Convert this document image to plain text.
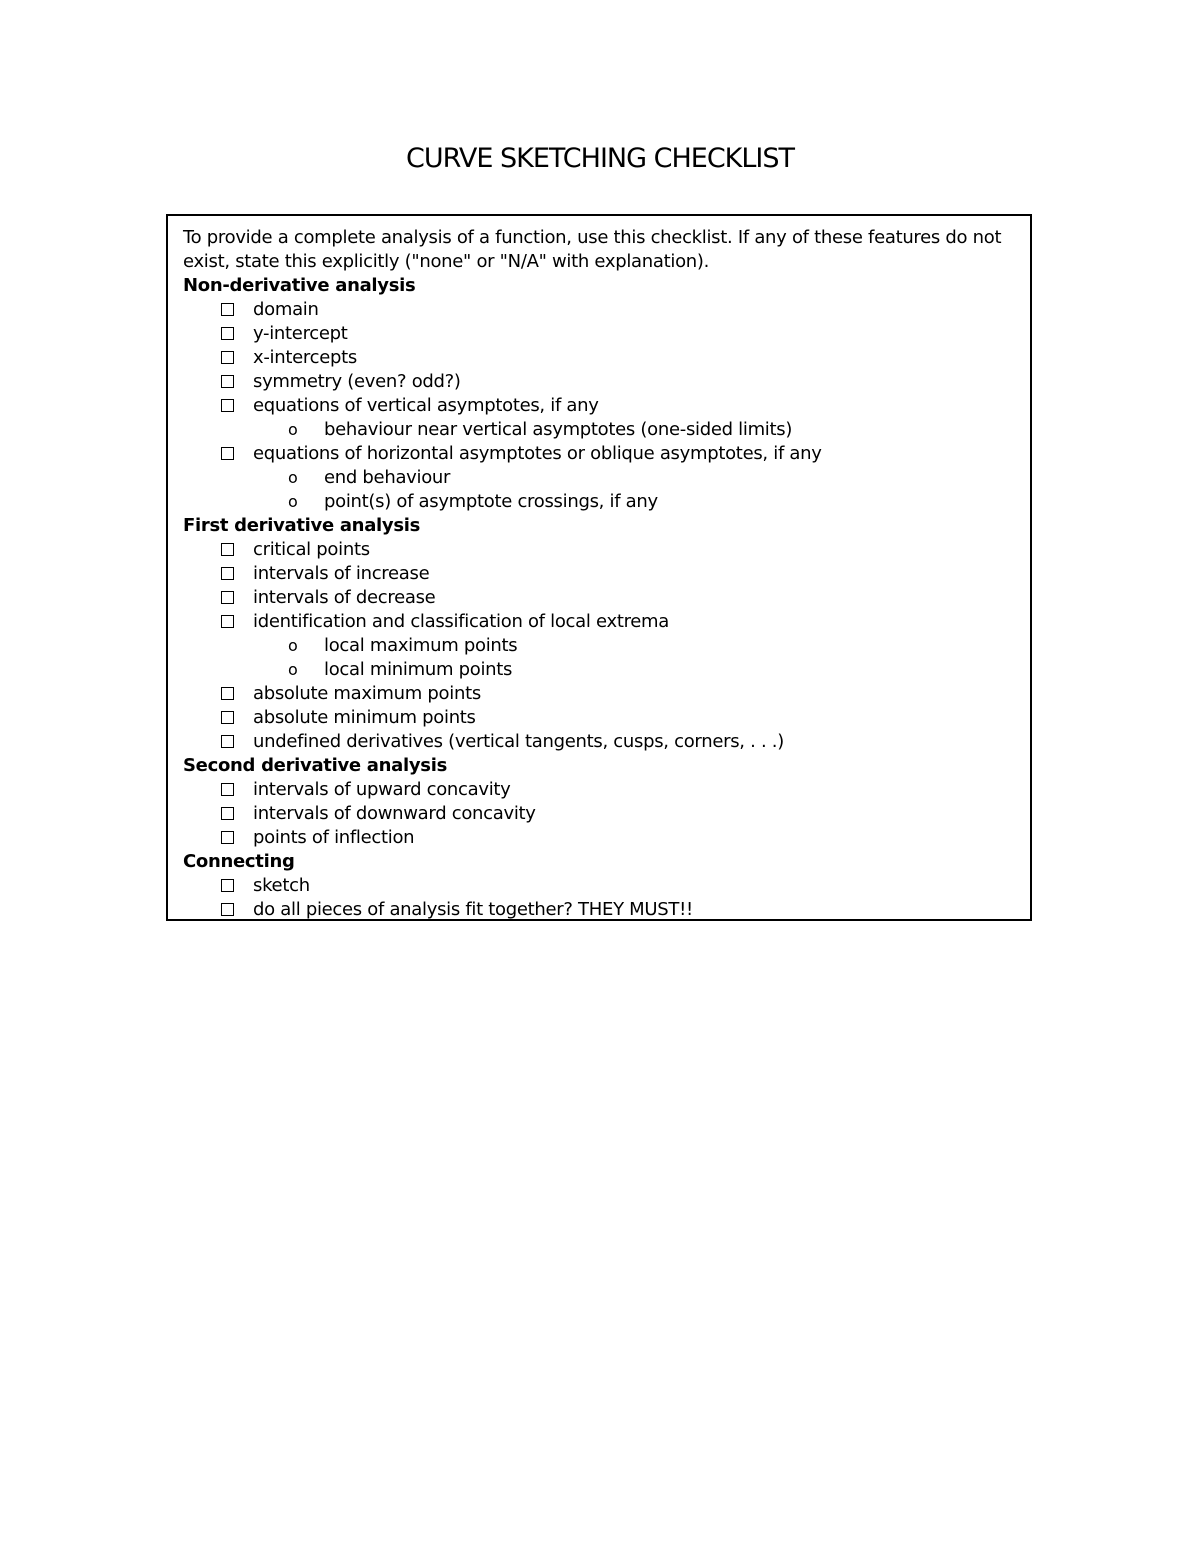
CURVE SKETCHING CHECKLIST

To provide a complete analysis of a function, use this checklist. If any of these features do not exist, state this explicitly ("none" or "N/A" with explanation).

Non-derivative analysis
domain
y-intercept
x-intercepts
symmetry (even? odd?)
equations of vertical asymptotes, if any
o behaviour near vertical asymptotes (one-sided limits)
equations of horizontal asymptotes or oblique asymptotes, if any
o end behaviour
o point(s) of asymptote crossings, if any
First derivative analysis
critical points
intervals of increase
intervals of decrease
identification and classification of local extrema
o local maximum points
o local minimum points
absolute maximum points
absolute minimum points
undefined derivatives (vertical tangents, cusps, corners, . . .)
Second derivative analysis
intervals of upward concavity
intervals of downward concavity
points of inflection
Connecting
sketch
do all pieces of analysis fit together? THEY MUST!!
